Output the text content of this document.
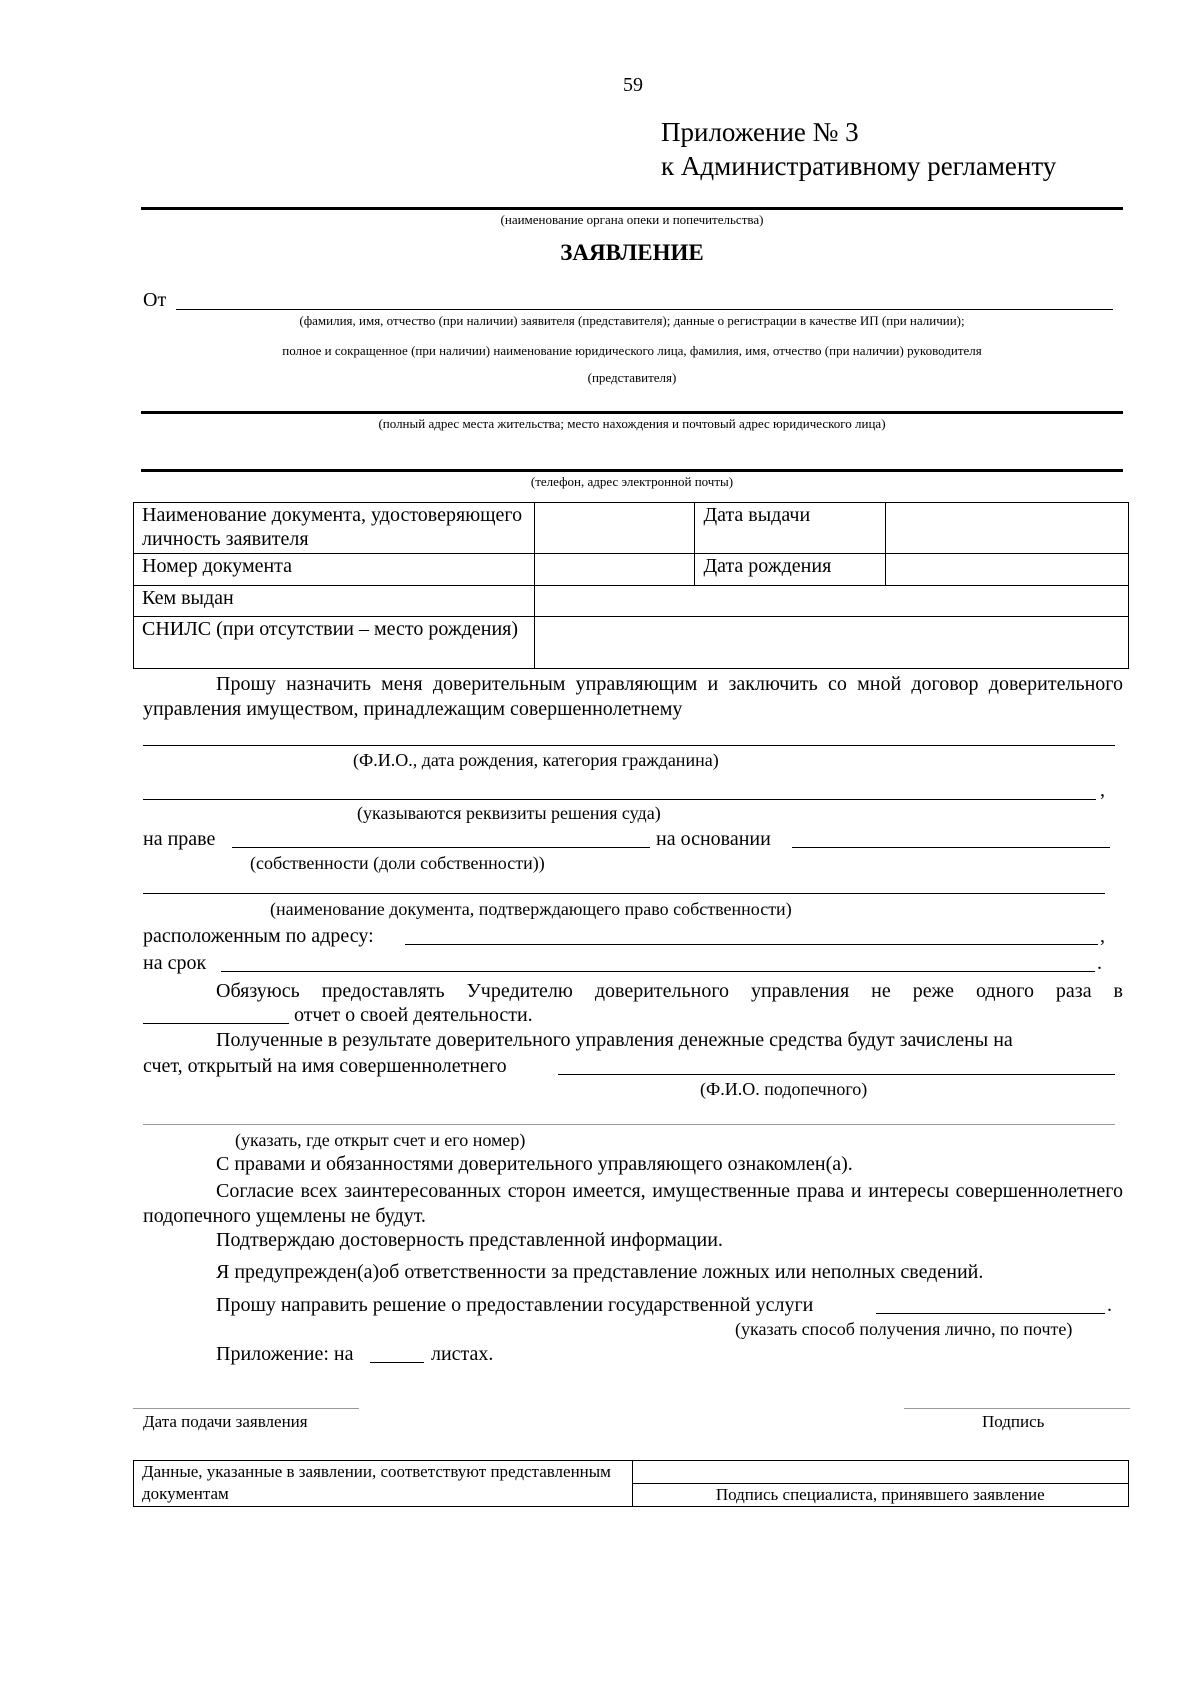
59
Приложение № 3
к Административному регламенту
(наименование органа опеки и попечительства)
ЗАЯВЛЕНИЕ
От
(фамилия, имя, отчество (при наличии) заявителя (представителя); данные о регистрации в качестве ИП (при наличии);
полное и сокращенное (при наличии) наименование юридического лица, фамилия, имя, отчество (при наличии) руководителя
(представителя)
(полный адрес места жительства; место нахождения и почтовый адрес юридического лица)
(телефон, адрес электронной почты)
Наименование документа, удостоверяющего личность заявителя		Дата выдачи	
Номер документа		Дата рождения	
Кем выдан			
СНИЛС (при отсутствии – место рождения)			
Прошу назначить меня доверительным управляющим и заключить со мной договор доверительного управления имуществом, принадлежащим совершеннолетнему
(Ф.И.О., дата рождения, категория гражданина)
,
(указываются реквизиты решения суда)
на праве	на основании
(собственности (доли собственности))
(наименование документа, подтверждающего право собственности)
расположенным по адресу:	,
на срок	.
Обязуюсь предоставлять Учредителю доверительного управления не реже одного раза в
отчет о своей деятельности.
Полученные в результате доверительного управления денежные средства будут зачислены на
счет, открытый на имя совершеннолетнего
(Ф.И.О. подопечного)
(указать, где открыт счет и его номер)
С правами и обязанностями доверительного управляющего ознакомлен(а).
Согласие всех заинтересованных сторон имеется, имущественные права и интересы совершеннолетнего подопечного ущемлены не будут.
Подтверждаю достоверность представленной информации.
Я предупрежден(а)об ответственности за представление ложных или неполных сведений.
Прошу направить решение о предоставлении государственной услуги	.
(указать способ получения лично, по почте)
Приложение: на	листах.
Дата подачи заявления	Подпись
Данные, указанные в заявлении, соответствуют представленным документам	
Подпись специалиста, принявшего заявление
